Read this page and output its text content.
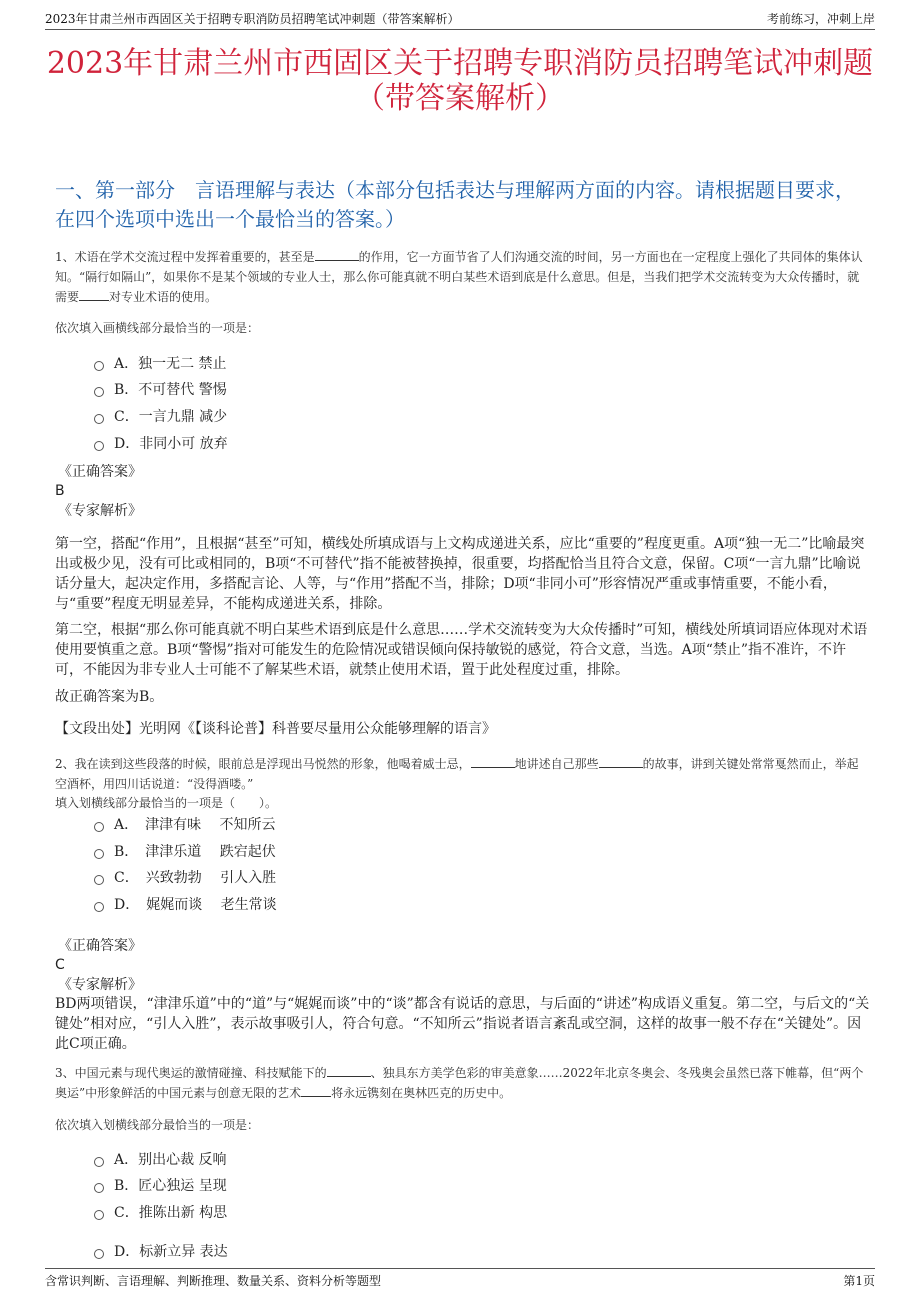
2023年甘肃兰州市西固区关于招聘专职消防员招聘笔试冲刺题（带答案解析）	考前练习，冲刺上岸
2023年甘肃兰州市西固区关于招聘专职消防员招聘笔试冲刺题
（带答案解析）
一、第一部分　言语理解与表达（本部分包括表达与理解两方面的内容。请根据题目要求，在四个选项中选出一个最恰当的答案。）
1、术语在学术交流过程中发挥着重要的，甚至是	的作用，它一方面节省了人们沟通交流的时间，另一方面也在一定程度上强化了共同体的集体认知。“隔行如隔山”，如果你不是某个领域的专业人士，那么你可能真就不明白某些术语到底是什么意思。但是，当我们把学术交流转变为大众传播时，就需要	对专业术语的使用。
依次填入画横线部分最恰当的一项是：
A．独一无二 禁止
B．不可替代 警惕
C．一言九鼎 减少
D．非同小可 放弃
《正确答案》
B
《专家解析》
第一空，搭配“作用”，且根据“甚至”可知，横线处所填成语与上文构成递进关系，应比“重要的”程度更重。A项“独一无二”比喻最突出或极少见，没有可比或相同的，B项“不可替代”指不能被替换掉，很重要，均搭配恰当且符合文意，保留。C项“一言九鼎”比喻说话分量大，起决定作用，多搭配言论、人等，与“作用”搭配不当，排除；D项“非同小可”形容情况严重或事情重要，不能小看，与“重要”程度无明显差异，不能构成递进关系，排除。
第二空，根据“那么你可能真就不明白某些术语到底是什么意思……学术交流转变为大众传播时”可知，横线处所填词语应体现对术语使用要慎重之意。B项“警惕”指对可能发生的危险情况或错误倾向保持敏锐的感觉，符合文意，当选。A项“禁止”指不准许，不许可，不能因为非专业人士可能不了解某些术语，就禁止使用术语，置于此处程度过重，排除。
故正确答案为B。
【文段出处】光明网《【谈科论普】科普要尽量用公众能够理解的语言》
2、我在读到这些段落的时候，眼前总是浮现出马悦然的形象，他喝着威士忌，	地讲述自己那些	的故事，讲到关键处常常戛然而止，举起空酒杯，用四川话说道：“没得酒喽。”
填入划横线部分最恰当的一项是（　　）。
A．　津津有味　 不知所云
B．　津津乐道　 跌宕起伏
C．　兴致勃勃　 引人入胜
D．　娓娓而谈　 老生常谈
《正确答案》
C
《专家解析》
BD两项错误，“津津乐道”中的“道”与“娓娓而谈”中的“谈”都含有说话的意思，与后面的“讲述”构成语义重复。第二空，与后文的“关键处”相对应，“引人入胜”，表示故事吸引人，符合句意。“不知所云”指说者语言紊乱或空洞，这样的故事一般不存在“关键处”。因此C项正确。
3、中国元素与现代奥运的激情碰撞、科技赋能下的	、独具东方美学色彩的审美意象……2022年北京冬奥会、冬残奥会虽然已落下帷幕，但“两个奥运”中形象鲜活的中国元素与创意无限的艺术	将永远镌刻在奥林匹克的历史中。
依次填入划横线部分最恰当的一项是：
A．别出心裁 反响
B．匠心独运 呈现
C．推陈出新 构思
D．标新立异 表达
含常识判断、言语理解、判断推理、数量关系、资料分析等题型	第1页
